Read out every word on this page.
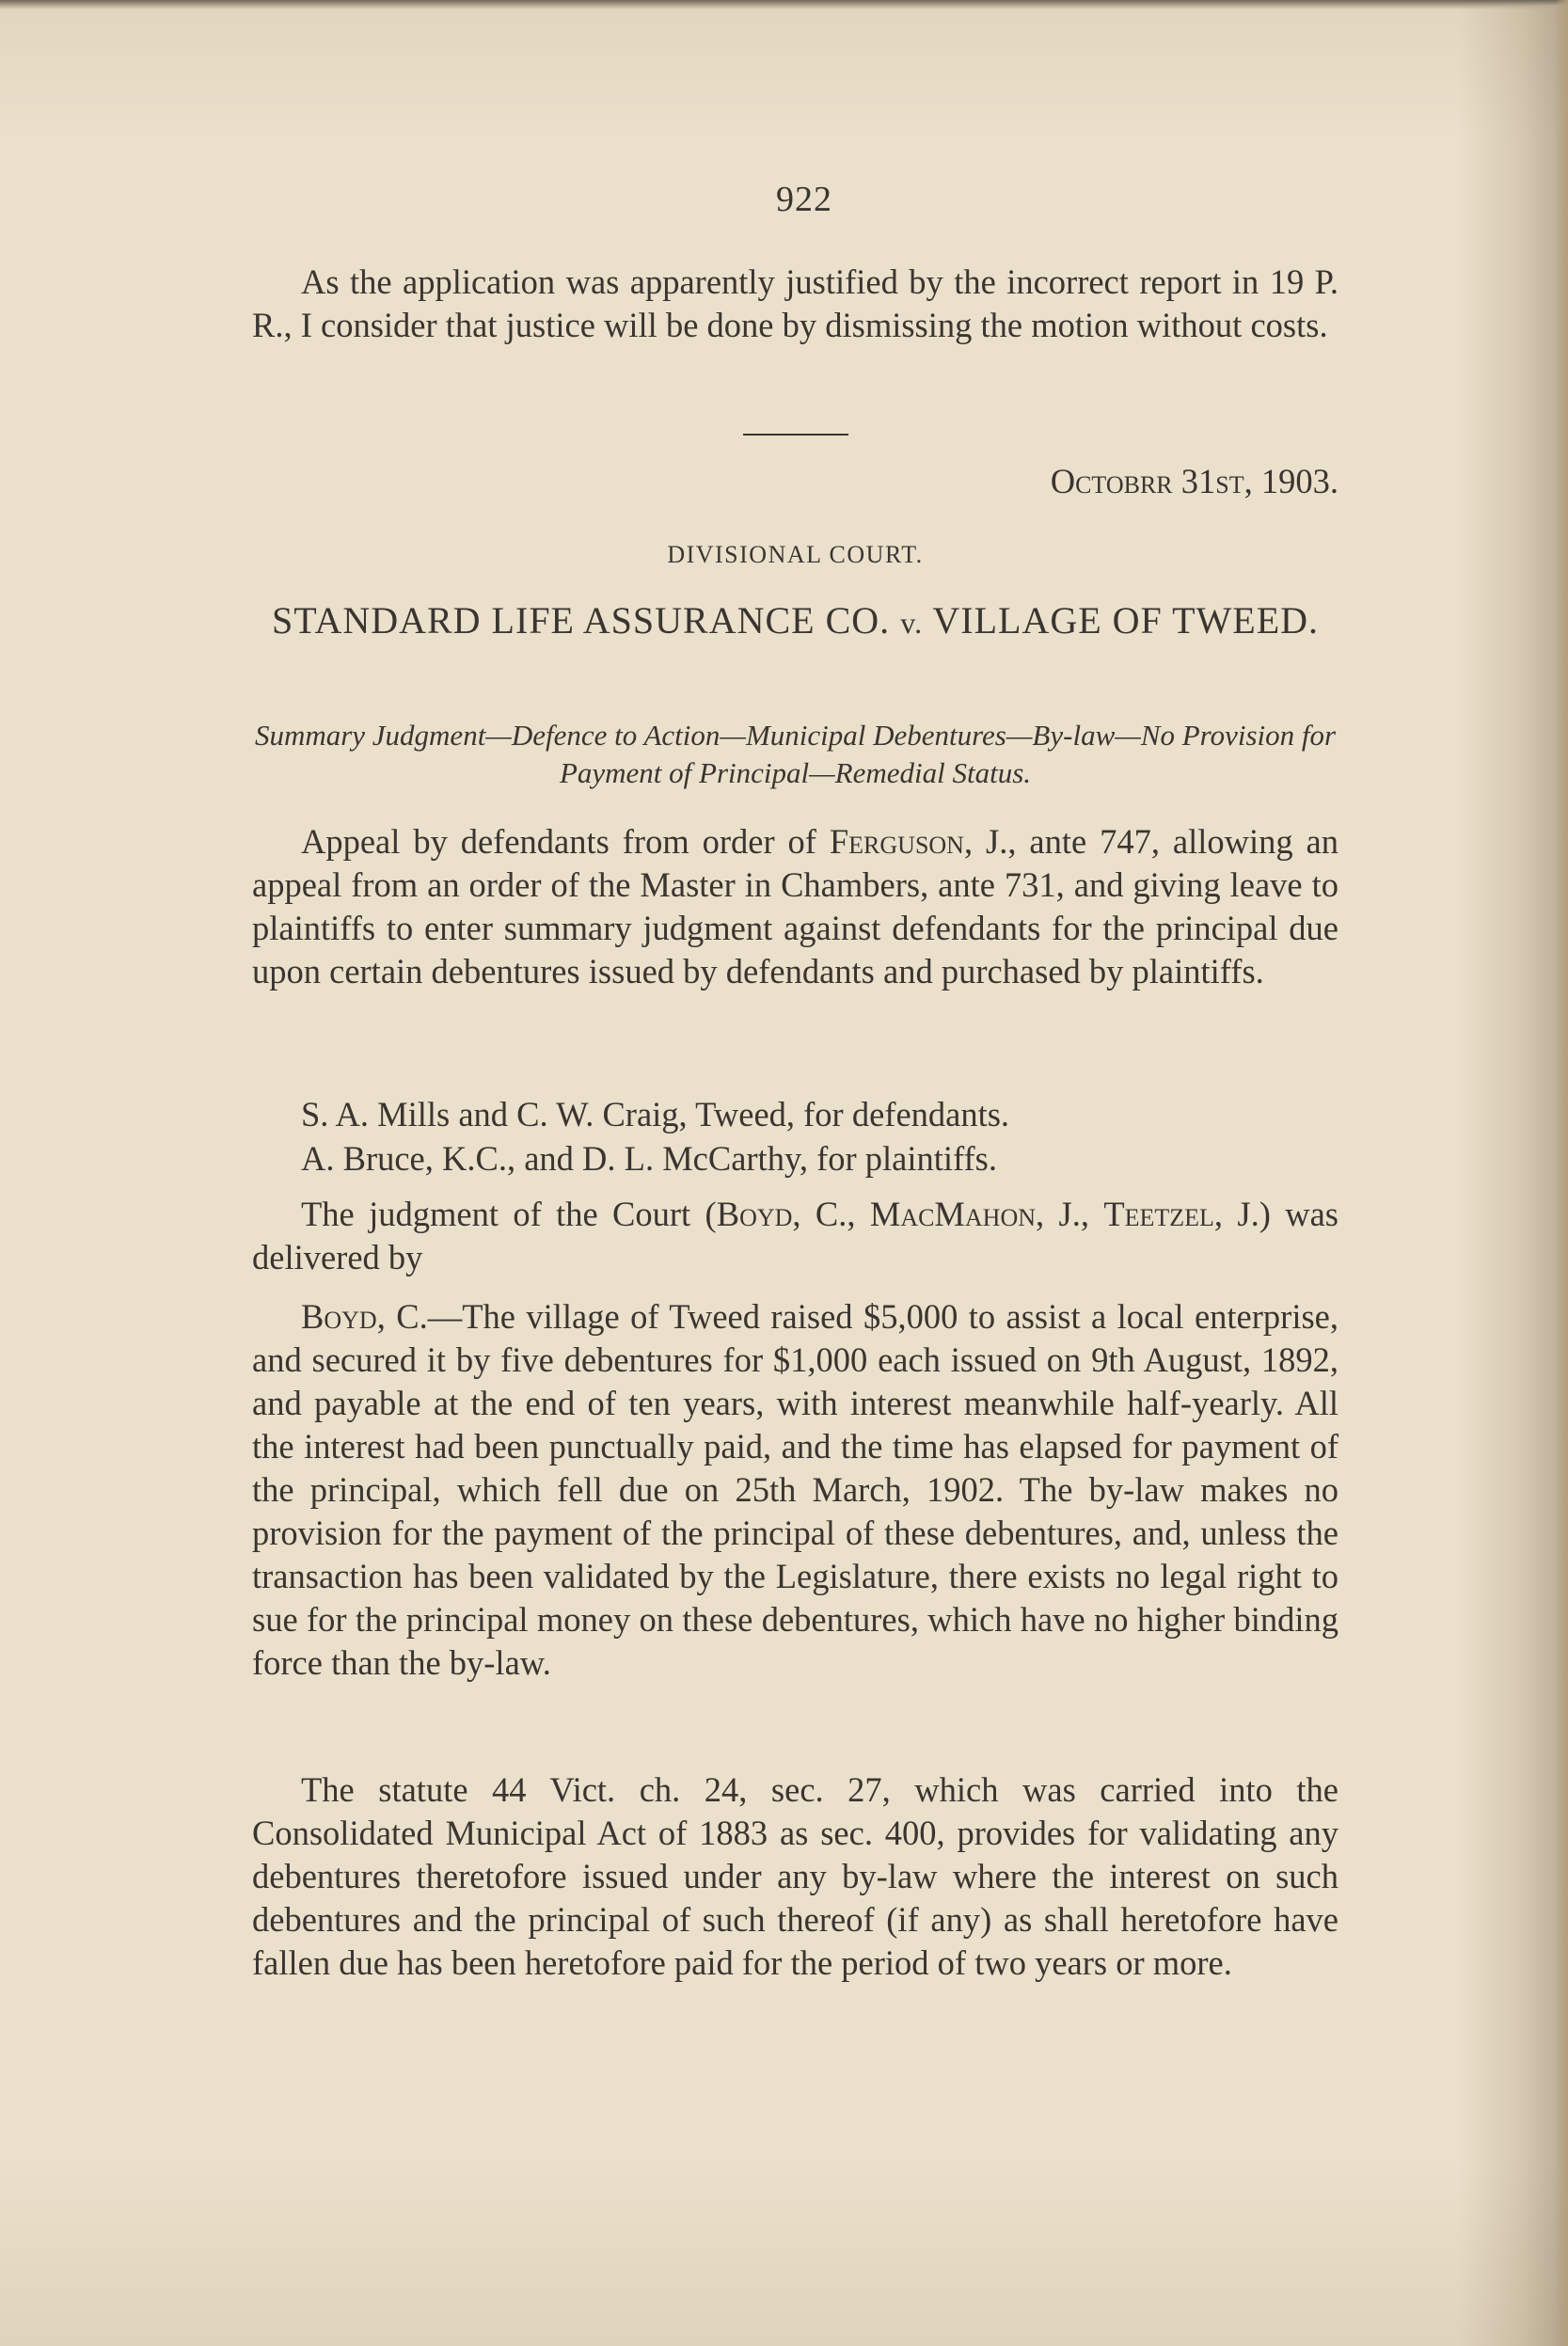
922
As the application was apparently justified by the incorrect report in 19 P. R., I consider that justice will be done by dismissing the motion without costs.
Octobrr 31st, 1903.
DIVISIONAL COURT.
STANDARD LIFE ASSURANCE CO. v. VILLAGE OF TWEED.
Summary Judgment—Defence to Action—Municipal Debentures—By-law—No Provision for Payment of Principal—Remedial Status.
Appeal by defendants from order of Ferguson, J., ante 747, allowing an appeal from an order of the Master in Chambers, ante 731, and giving leave to plaintiffs to enter summary judgment against defendants for the principal due upon certain debentures issued by defendants and purchased by plaintiffs.
S. A. Mills and C. W. Craig, Tweed, for defendants.
A. Bruce, K.C., and D. L. McCarthy, for plaintiffs.
The judgment of the Court (Boyd, C., MacMahon, J., Teetzel, J.) was delivered by
Boyd, C.—The village of Tweed raised $5,000 to assist a local enterprise, and secured it by five debentures for $1,000 each issued on 9th August, 1892, and payable at the end of ten years, with interest meanwhile half-yearly. All the interest had been punctually paid, and the time has elapsed for payment of the principal, which fell due on 25th March, 1902. The by-law makes no provision for the payment of the principal of these debentures, and, unless the transaction has been validated by the Legislature, there exists no legal right to sue for the principal money on these debentures, which have no higher binding force than the by-law.
The statute 44 Vict. ch. 24, sec. 27, which was carried into the Consolidated Municipal Act of 1883 as sec. 400, provides for validating any debentures theretofore issued under any by-law where the interest on such debentures and the principal of such thereof (if any) as shall heretofore have fallen due has been heretofore paid for the period of two years or more.
